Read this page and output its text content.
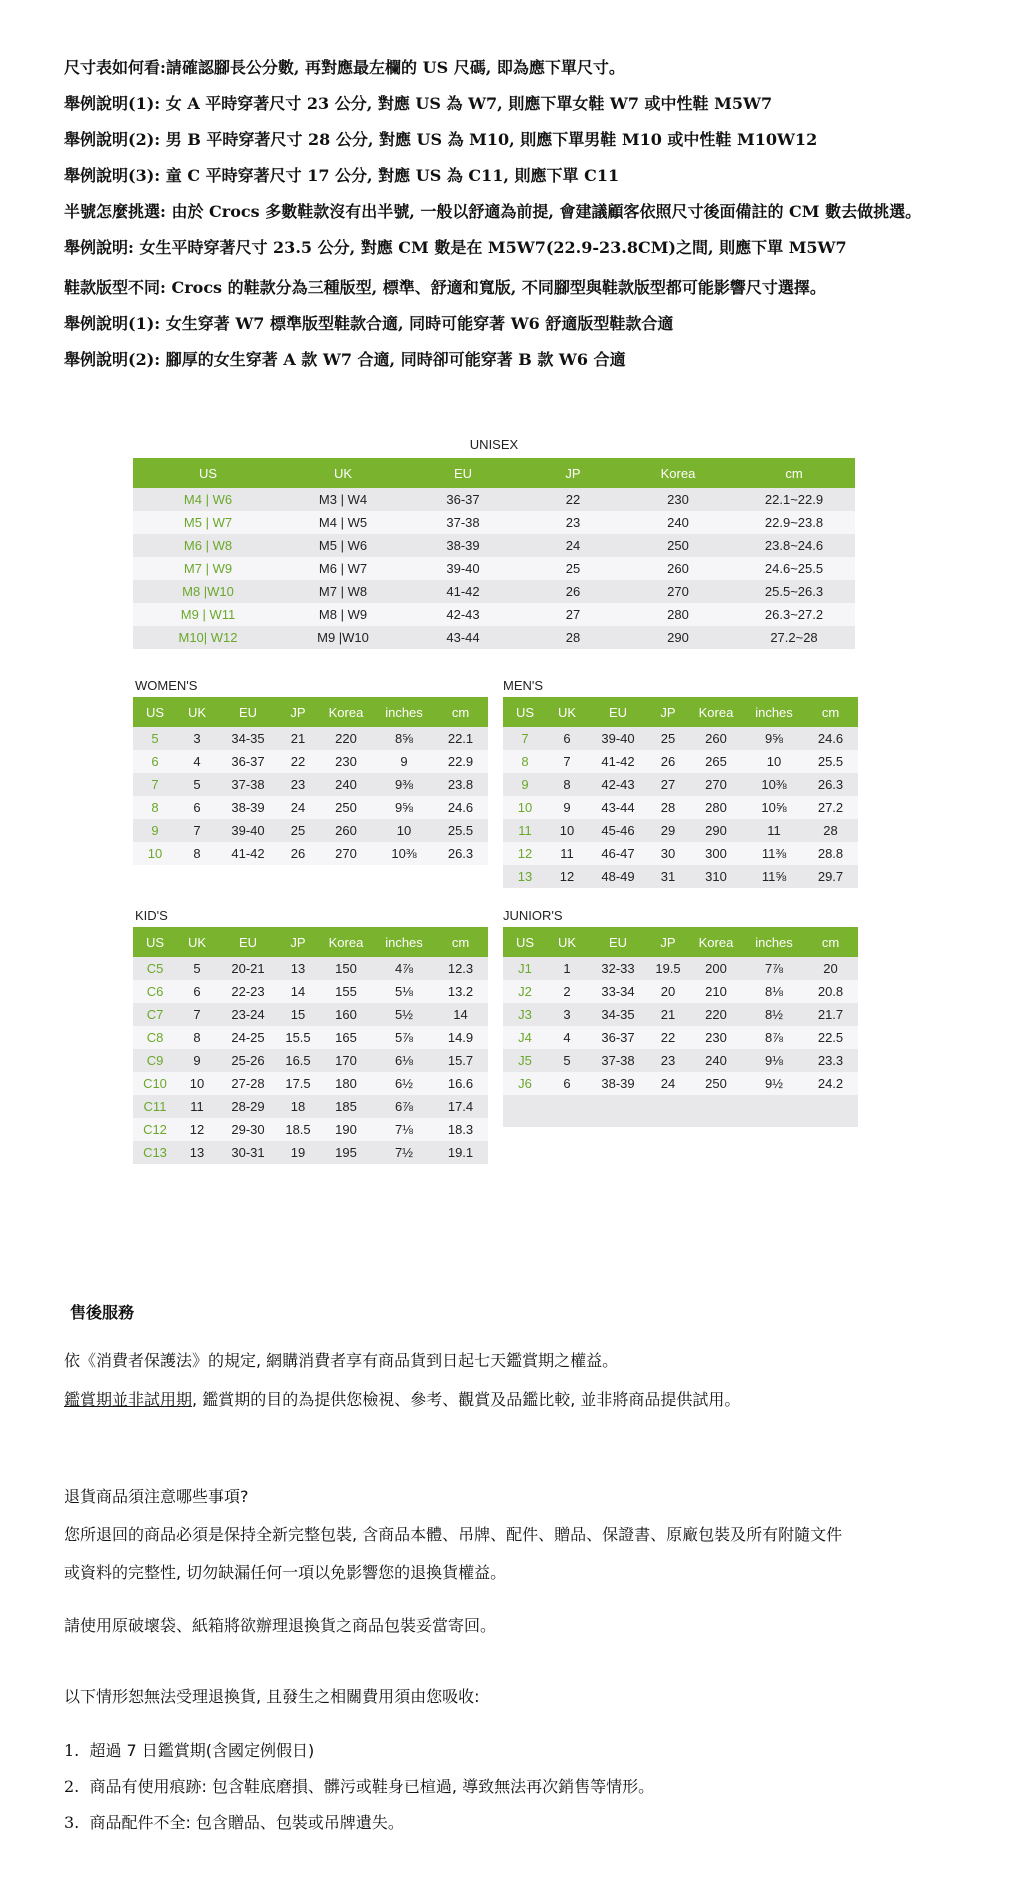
尺寸表如何看:請確認腳長公分數, 再對應最左欄的 US 尺碼, 即為應下單尺寸。

舉例說明(1): 女 A 平時穿著尺寸 23 公分, 對應 US 為 W7, 則應下單女鞋 W7 或中性鞋 M5W7

舉例說明(2): 男 B 平時穿著尺寸 28 公分, 對應 US 為 M10, 則應下單男鞋 M10 或中性鞋 M10W12

舉例說明(3): 童 C 平時穿著尺寸 17 公分, 對應 US 為 C11, 則應下單 C11

半號怎麼挑選: 由於 Crocs 多數鞋款沒有出半號, 一般以舒適為前提, 會建議顧客依照尺寸後面備註的 CM 數去做挑選。

舉例說明: 女生平時穿著尺寸 23.5 公分, 對應 CM 數是在 M5W7(22.9-23.8CM)之間, 則應下單 M5W7

鞋款版型不同: Crocs 的鞋款分為三種版型, 標準、舒適和寬版, 不同腳型與鞋款版型都可能影響尺寸選擇。

舉例說明(1): 女生穿著 W7 標準版型鞋款合適, 同時可能穿著 W6 舒適版型鞋款合適

舉例說明(2): 腳厚的女生穿著 A 款 W7 合適, 同時卻可能穿著 B 款 W6 合適

UNISEX
US	UK	EU	JP	Korea	cm
M4 | W6	M3 | W4	36-37	22	230	22.1~22.9
M5 | W7	M4 | W5	37-38	23	240	22.9~23.8
M6 | W8	M5 | W6	38-39	24	250	23.8~24.6
M7 | W9	M6 | W7	39-40	25	260	24.6~25.5
M8 |W10	M7 | W8	41-42	26	270	25.5~26.3
M9 | W11	M8 | W9	42-43	27	280	26.3~27.2
M10| W12	M9 |W10	43-44	28	290	27.2~28
WOMEN'S
US	UK	EU	JP	Korea	inches	cm
5	3	34-35	21	220	8⅝	22.1
6	4	36-37	22	230	9	22.9
7	5	37-38	23	240	9⅜	23.8
8	6	38-39	24	250	9⅝	24.6
9	7	39-40	25	260	10	25.5
10	8	41-42	26	270	10⅜	26.3
MEN'S
US	UK	EU	JP	Korea	inches	cm
7	6	39-40	25	260	9⅝	24.6
8	7	41-42	26	265	10	25.5
9	8	42-43	27	270	10⅜	26.3
10	9	43-44	28	280	10⅝	27.2
11	10	45-46	29	290	11	28
12	11	46-47	30	300	11⅜	28.8
13	12	48-49	31	310	11⅝	29.7
KID'S
US	UK	EU	JP	Korea	inches	cm
C5	5	20-21	13	150	4⅞	12.3
C6	6	22-23	14	155	5⅛	13.2
C7	7	23-24	15	160	5½	14
C8	8	24-25	15.5	165	5⅞	14.9
C9	9	25-26	16.5	170	6⅛	15.7
C10	10	27-28	17.5	180	6½	16.6
C11	11	28-29	18	185	6⅞	17.4
C12	12	29-30	18.5	190	7⅛	18.3
C13	13	30-31	19	195	7½	19.1
JUNIOR'S
US	UK	EU	JP	Korea	inches	cm
J1	1	32-33	19.5	200	7⅞	20
J2	2	33-34	20	210	8⅛	20.8
J3	3	34-35	21	220	8½	21.7
J4	4	36-37	22	230	8⅞	22.5
J5	5	37-38	23	240	9⅛	23.3
J6	6	38-39	24	250	9½	24.2

售後服務

依《消費者保護法》的規定, 網購消費者享有商品貨到日起七天鑑賞期之權益。

鑑賞期並非試用期, 鑑賞期的目的為提供您檢視、參考、觀賞及品鑑比較, 並非將商品提供試用。

退貨商品須注意哪些事項?

您所退回的商品必須是保持全新完整包裝, 含商品本體、吊牌、配件、贈品、保證書、原廠包裝及所有附隨文件

或資料的完整性, 切勿缺漏任何一項以免影響您的退換貨權益。

請使用原破壞袋、紙箱將欲辦理退換貨之商品包裝妥當寄回。

以下情形恕無法受理退換貨, 且發生之相關費用須由您吸收:

1. 超過 7 日鑑賞期(含國定例假日)

2. 商品有使用痕跡: 包含鞋底磨損、髒污或鞋身已楦過, 導致無法再次銷售等情形。

3. 商品配件不全: 包含贈品、包裝或吊牌遺失。
